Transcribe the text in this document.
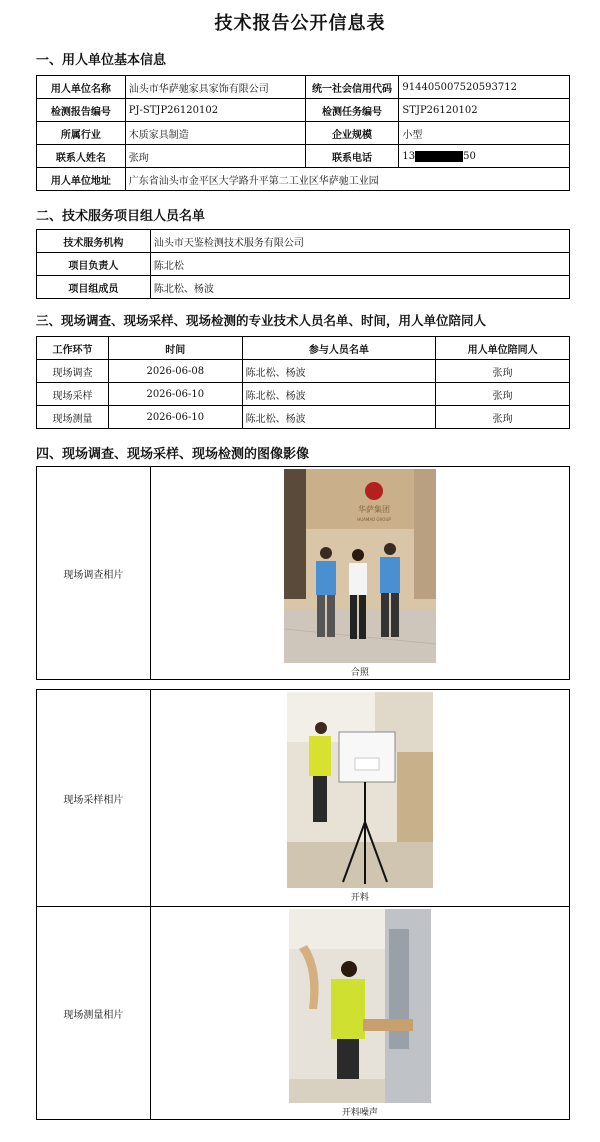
技术报告公开信息表
一、用人单位基本信息
用人单位名称	汕头市华萨驰家具家饰有限公司	统一社会信用代码	914405007520593712
检测报告编号	PJ-STJP26120102	检测任务编号	STJP26120102
所属行业	木质家具制造	企业规模	小型
联系人姓名	张珣	联系电话	13 50
用人单位地址	广东省汕头市金平区大学路升平第二工业区华萨驰工业园		
二、技术服务项目组人员名单
技术服务机构	汕头市天鉴检测技术服务有限公司
项目负责人	陈北松
项目组成员	陈北松、杨波
三、现场调查、现场采样、现场检测的专业技术人员名单、时间，用人单位陪同人
工作环节	时间	参与人员名单	用人单位陪同人
现场调查	2026-06-08	陈北松、杨波	张珣
现场采样	2026-06-10	陈北松、杨波	张珣
现场测量	2026-06-10	陈北松、杨波	张珣
四、现场调查、现场采样、现场检测的图像影像
现场调查相片	
华萨集团
HUAMAO GROUP
合照
现场采样相片	开料

现场测量相片	开料噪声
